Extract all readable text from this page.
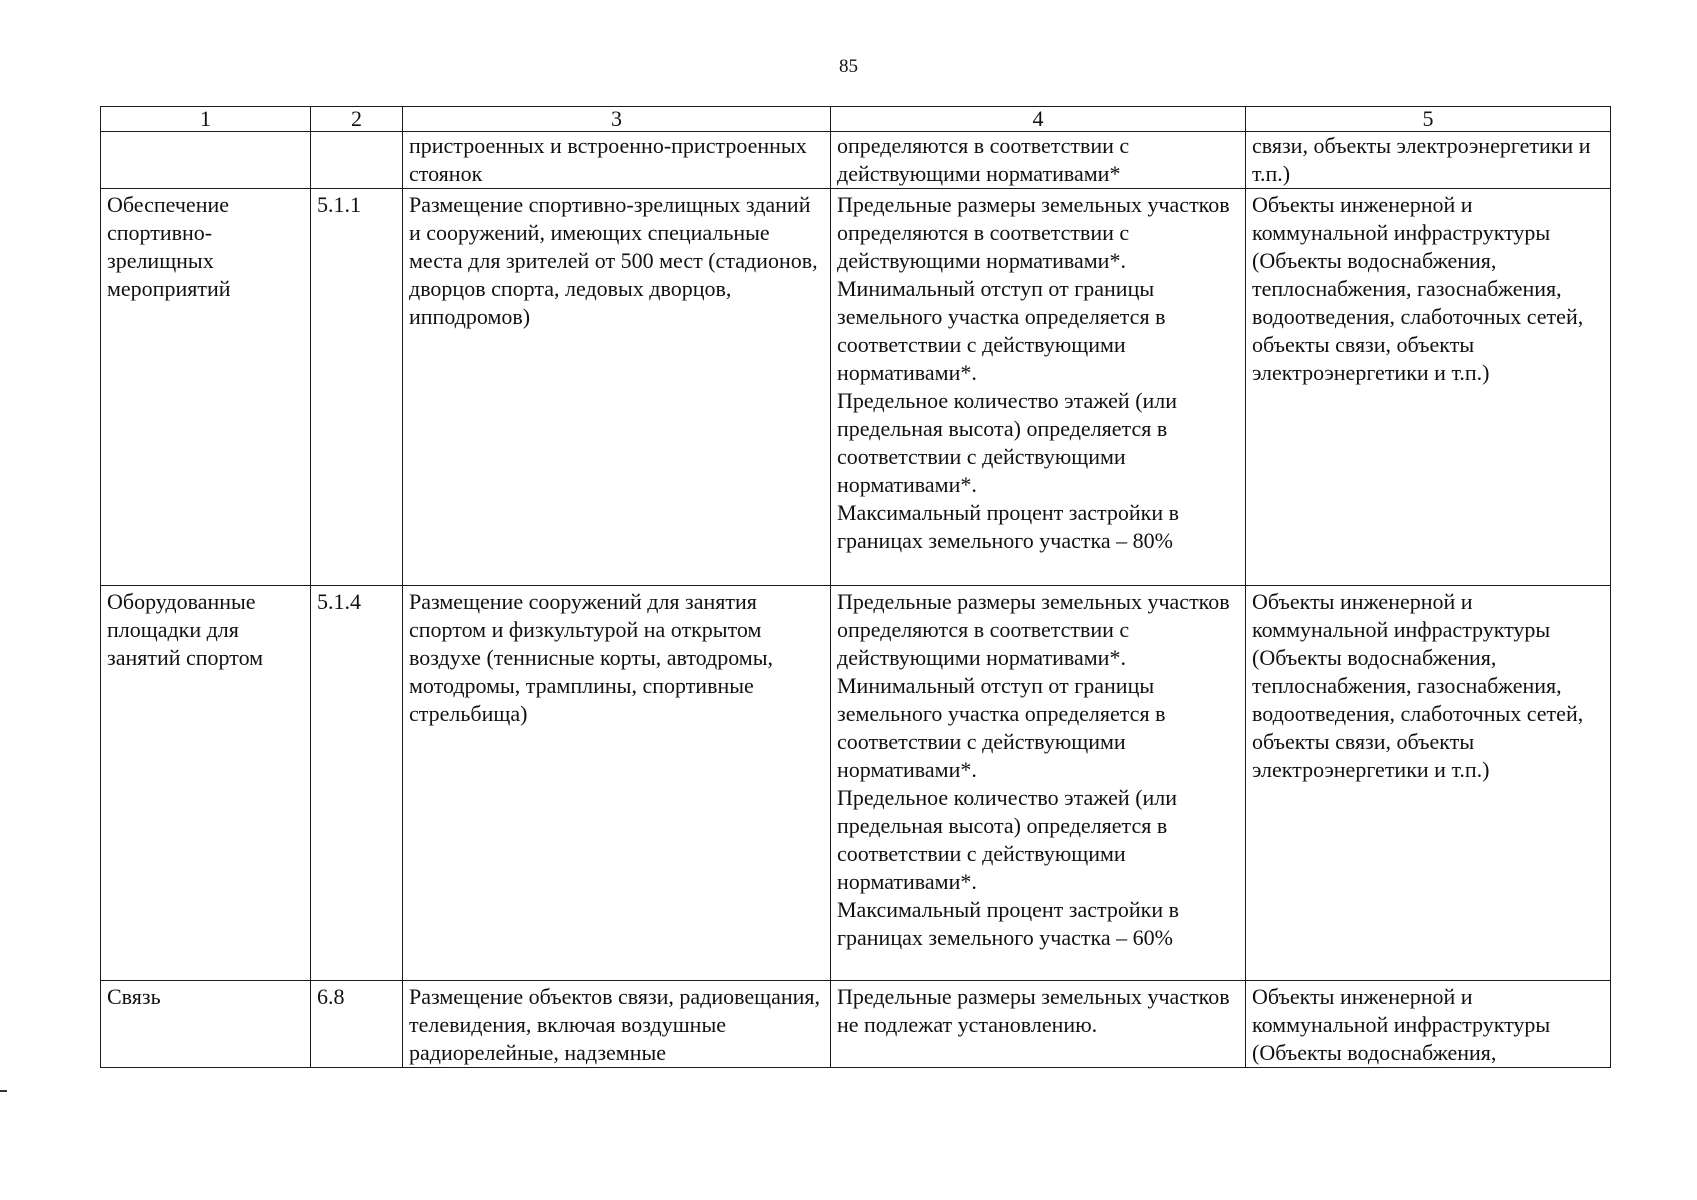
85
1	2	3	4	5
		пристроенных и встроенно-пристроенных стоянок	определяются в соответствии с действующими нормативами*	связи, объекты электроэнергетики и т.п.)
Обеспечение спортивно-зрелищных мероприятий	5.1.1	Размещение спортивно-зрелищных зданий и сооружений, имеющих специальные места для зрителей от 500 мест (стадионов, дворцов спорта, ледовых дворцов, ипподромов)	Предельные размеры земельных участков определяются в соответствии с действующими нормативами*.

Минимальный отступ от границы земельного участка определяется в соответствии с действующими нормативами*.

Предельное количество этажей (или предельная высота) определяется в соответствии с действующими нормативами*.

Максимальный процент застройки в границах земельного участка – 80%	Объекты инженерной и коммунальной инфраструктуры (Объекты водоснабжения, теплоснабжения, газоснабжения, водоотведения, слаботочных сетей, объекты связи, объекты электроэнергетики и т.п.)
Оборудованные площадки для занятий спортом	5.1.4	Размещение сооружений для занятия спортом и физкультурой на открытом воздухе (теннисные корты, автодромы, мотодромы, трамплины, спортивные стрельбища)	Предельные размеры земельных участков определяются в соответствии с действующими нормативами*.

Минимальный отступ от границы земельного участка определяется в соответствии с действующими нормативами*.

Предельное количество этажей (или предельная высота) определяется в соответствии с действующими нормативами*.

Максимальный процент застройки в границах земельного участка – 60%	Объекты инженерной и коммунальной инфраструктуры (Объекты водоснабжения, теплоснабжения, газоснабжения, водоотведения, слаботочных сетей, объекты связи, объекты электроэнергетики и т.п.)
Связь	6.8	Размещение объектов связи, радиовещания, телевидения, включая воздушные радиорелейные, надземные	Предельные размеры земельных участков не подлежат установлению.	Объекты инженерной и коммунальной инфраструктуры (Объекты водоснабжения,
